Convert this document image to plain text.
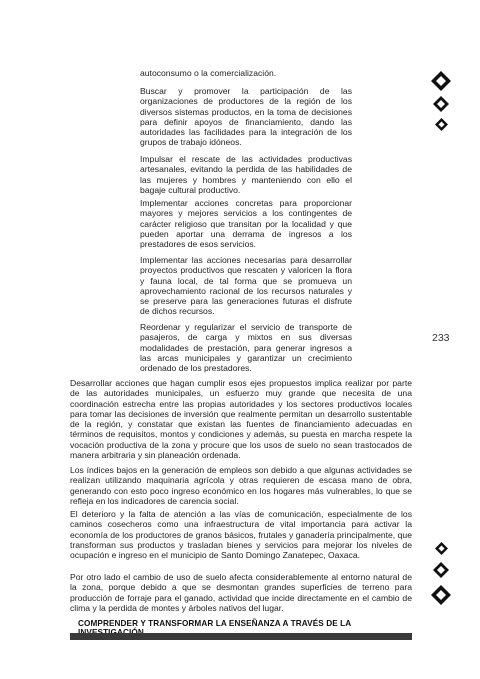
autoconsumo o la comercialización.

Buscar y promover la participación de las organizaciones de productores de la región de los diversos sistemas productos, en la toma de decisiones para definir apoyos de financiamiento, dando las autoridades las facilidades para la integración de los grupos de trabajo idóneos.

Impulsar el rescate de las actividades productivas artesanales, evitando la perdida de las habilidades de las mujeres y hombres y manteniendo con ello el bagaje cultural productivo.

Implementar acciones concretas para proporcionar mayores y mejores servicios a los contingentes de carácter religioso que transitan por la localidad y que pueden aportar una derrama de ingresos a los prestadores de esos servicios.

Implementar las acciones necesarias para desarrollar proyectos productivos que rescaten y valoricen la flora y fauna local, de tal forma que se promueva un aprovechamiento racional de los recursos naturales y se preserve para las generaciones futuras el disfrute de dichos recursos.

Reordenar y regularizar el servicio de transporte de pasajeros, de carga y mixtos en sus diversas modalidades de prestación, para generar ingresos a las arcas municipales y garantizar un crecimiento ordenado de los prestadores.

233

Desarrollar acciones que hagan cumplir esos ejes propuestos implica realizar por parte de las autoridades municipales, un esfuerzo muy grande que necesita de una coordinación estrecha entre las propias autoridades y los sectores productivos locales para tomar las decisiones de inversión que realmente permitan un desarrollo sustentable de la región, y constatar que existan las fuentes de financiamiento adecuadas en términos de requisitos, montos y condiciones y además, su puesta en marcha respete la vocación productiva de la zona y procure que los usos de suelo no sean trastocados de manera arbitraria y sin planeación ordenada.

Los índices bajos en la generación de empleos son debido a que algunas actividades se realizan utilizando maquinaria agrícola y otras requieren de escasa mano de obra, generando con esto poco ingreso económico en los hogares más vulnerables, lo que se refleja en los indicadores de carencia social.

El deterioro y la falta de atención a las vías de comunicación, especialmente de los caminos cosecheros como una infraestructura de vital importancia para activar la economía de los productores de granos básicos, frutales y ganadería principalmente, que transforman sus productos y trasladan bienes y servicios para mejorar los niveles de ocupación e ingreso en el municipio de Santo Domingo Zanatepec, Oaxaca.

Por otro lado el cambio de uso de suelo afecta considerablemente al entorno natural de la zona, porque debido a que se desmontan grandes superficies de terreno para producción de forraje para el ganado, actividad que incide directamente en el cambio de clima y la perdida de montes y árboles nativos del lugar.

COMPRENDER Y TRANSFORMAR LA ENSEÑANZA A TRAVÉS DE LA
